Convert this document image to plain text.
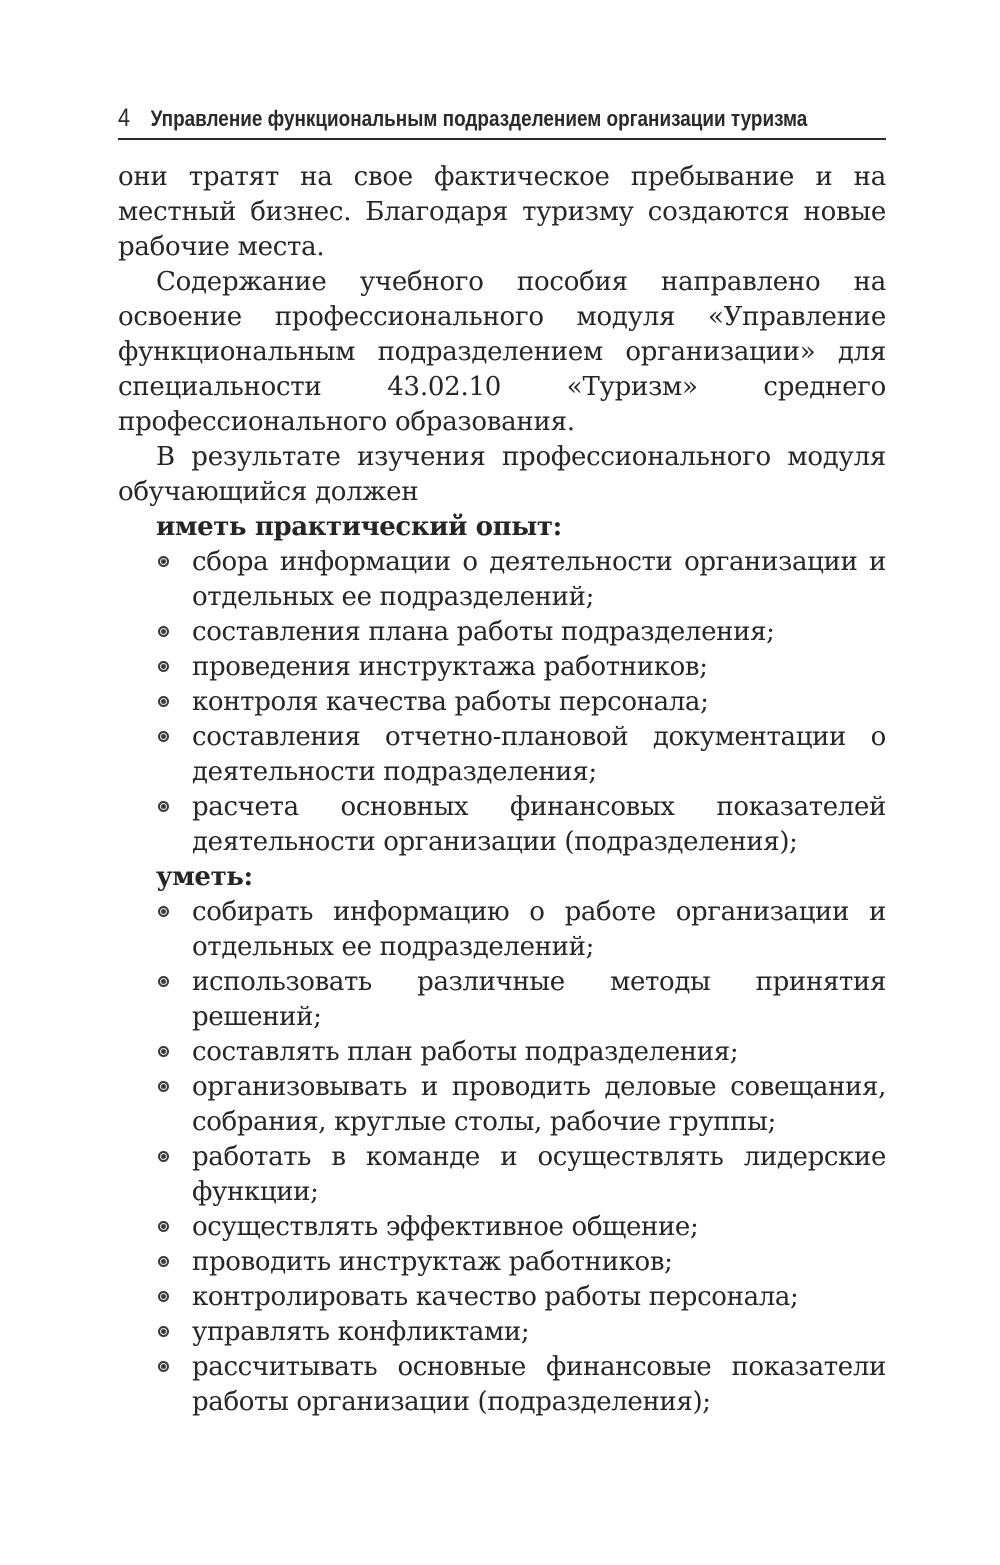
4 Управление функциональным подразделением организации туризма

они тратят на свое фактическое пребывание и на местный бизнес. Благодаря туризму создаются новые рабочие места.

Содержание учебного пособия направлено на освоение профессионального модуля «Управление функциональным подразделением организации» для специальности 43.02.10 «Туризм» среднего профессионального образования.

В результате изучения профессионального модуля обучающийся должен

иметь практический опыт:

сбора информации о деятельности организации и отдельных ее подразделений;
составления плана работы подразделения;
проведения инструктажа работников;
контроля качества работы персонала;
составления отчетно-плановой документации о деятельности подразделения;
расчета основных финансовых показателей деятельности организации (подразделения);

уметь:

собирать информацию о работе организации и отдельных ее подразделений;
использовать различные методы принятия решений;
составлять план работы подразделения;
организовывать и проводить деловые совещания, собрания, круглые столы, рабочие группы;
работать в команде и осуществлять лидерские функции;
осуществлять эффективное общение;
проводить инструктаж работников;
контролировать качество работы персонала;
управлять конфликтами;
рассчитывать основные финансовые показатели работы организации (подразделения);
